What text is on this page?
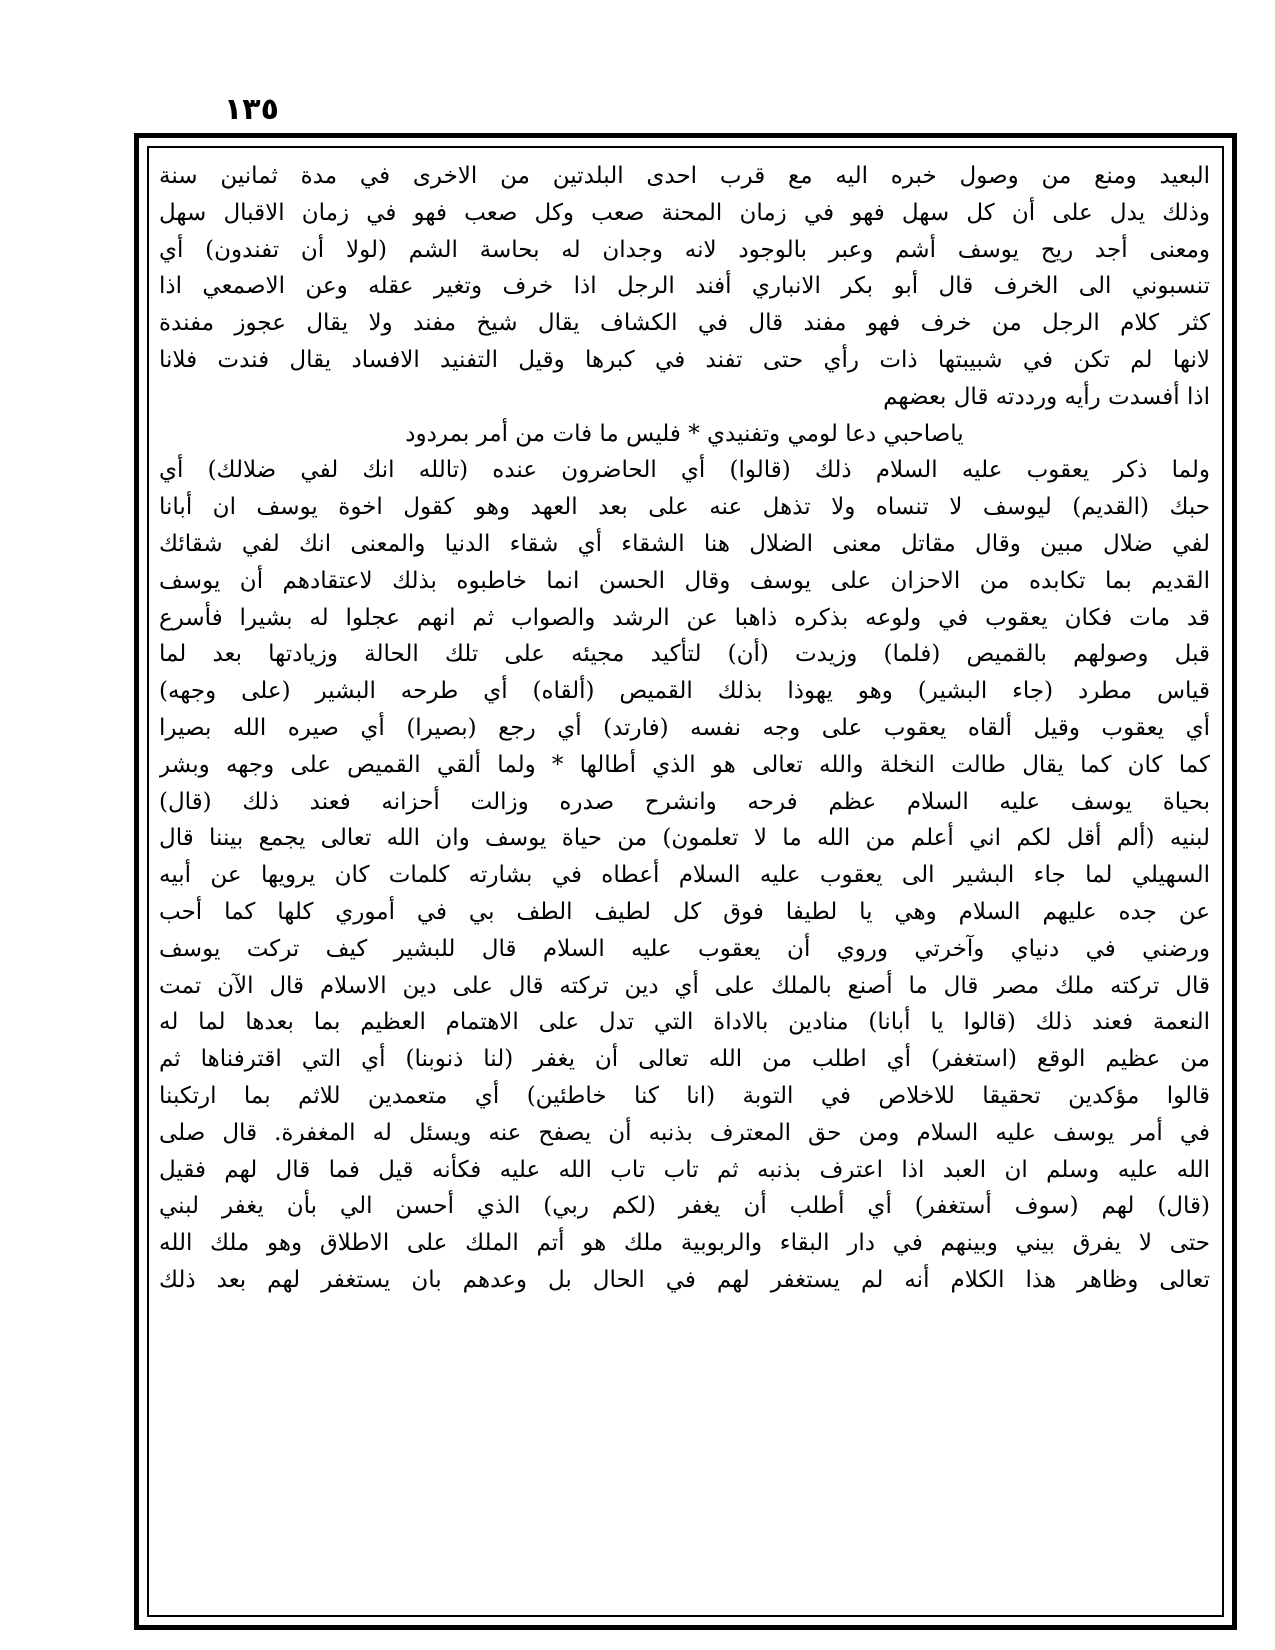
١٣٥
البعيد ومنع من وصول خبره اليه مع قرب احدى البلدتين من الاخرى في مدة ثمانين سنة
وذلك يدل على أن كل سهل فهو في زمان المحنة صعب وكل صعب فهو في زمان الاقبال سهل
ومعنى أجد ريح يوسف أشم وعبر بالوجود لانه وجدان له بحاسة الشم (لولا أن تفندون) أي
تنسبوني الى الخرف قال أبو بكر الانباري أفند الرجل اذا خرف وتغير عقله وعن الاصمعي اذا
كثر كلام الرجل من خرف فهو مفند قال في الكشاف يقال شيخ مفند ولا يقال عجوز مفندة
لانها لم تكن في شبيبتها ذات رأي حتى تفند في كبرها وقيل التفنيد الافساد يقال فندت فلانا
اذا أفسدت رأيه ورددته قال بعضهم
ياصاحبي دعا لومي وتفنيدي * فليس ما فات من أمر بمردود
ولما ذكر يعقوب عليه السلام ذلك (قالوا) أي الحاضرون عنده (تالله انك لفي ضلالك) أي
حبك (القديم) ليوسف لا تنساه ولا تذهل عنه على بعد العهد وهو كقول اخوة يوسف ان أبانا
لفي ضلال مبين وقال مقاتل معنى الضلال هنا الشقاء أي شقاء الدنيا والمعنى انك لفي شقائك
القديم بما تكابده من الاحزان على يوسف وقال الحسن انما خاطبوه بذلك لاعتقادهم أن يوسف
قد مات فكان يعقوب في ولوعه بذكره ذاهبا عن الرشد والصواب ثم انهم عجلوا له بشيرا فأسرع
قبل وصولهم بالقميص (فلما) وزيدت (أن) لتأكيد مجيئه على تلك الحالة وزيادتها بعد لما
قياس مطرد (جاء البشير) وهو يهوذا بذلك القميص (ألقاه) أي طرحه البشير (على وجهه)
أي يعقوب وقيل ألقاه يعقوب على وجه نفسه (فارتد) أي رجع (بصيرا) أي صيره الله بصيرا
كما كان كما يقال طالت النخلة والله تعالى هو الذي أطالها * ولما ألقي القميص على وجهه وبشر
بحياة يوسف عليه السلام عظم فرحه وانشرح صدره وزالت أحزانه فعند ذلك (قال)
لبنيه (ألم أقل لكم اني أعلم من الله ما لا تعلمون) من حياة يوسف وان الله تعالى يجمع بيننا قال
السهيلي لما جاء البشير الى يعقوب عليه السلام أعطاه في بشارته كلمات كان يرويها عن أبيه
عن جده عليهم السلام وهي يا لطيفا فوق كل لطيف الطف بي في أموري كلها كما أحب
ورضني في دنياي وآخرتي وروي أن يعقوب عليه السلام قال للبشير كيف تركت يوسف
قال تركته ملك مصر قال ما أصنع بالملك على أي دين تركته قال على دين الاسلام قال الآن تمت
النعمة فعند ذلك (قالوا يا أبانا) منادين بالاداة التي تدل على الاهتمام العظيم بما بعدها لما له
من عظيم الوقع (استغفر) أي اطلب من الله تعالى أن يغفر (لنا ذنوبنا) أي التي اقترفناها ثم
قالوا مؤكدين تحقيقا للاخلاص في التوبة (انا كنا خاطئين) أي متعمدين للاثم بما ارتكبنا
في أمر يوسف عليه السلام ومن حق المعترف بذنبه أن يصفح عنه ويسئل له المغفرة. قال صلى
الله عليه وسلم ان العبد اذا اعترف بذنبه ثم تاب تاب الله عليه فكأنه قيل فما قال لهم فقيل
(قال) لهم (سوف أستغفر) أي أطلب أن يغفر (لكم ربي) الذي أحسن الي بأن يغفر لبني
حتى لا يفرق بيني وبينهم في دار البقاء والربوبية ملك هو أتم الملك على الاطلاق وهو ملك الله
تعالى وظاهر هذا الكلام أنه لم يستغفر لهم في الحال بل وعدهم بان يستغفر لهم بعد ذلك
